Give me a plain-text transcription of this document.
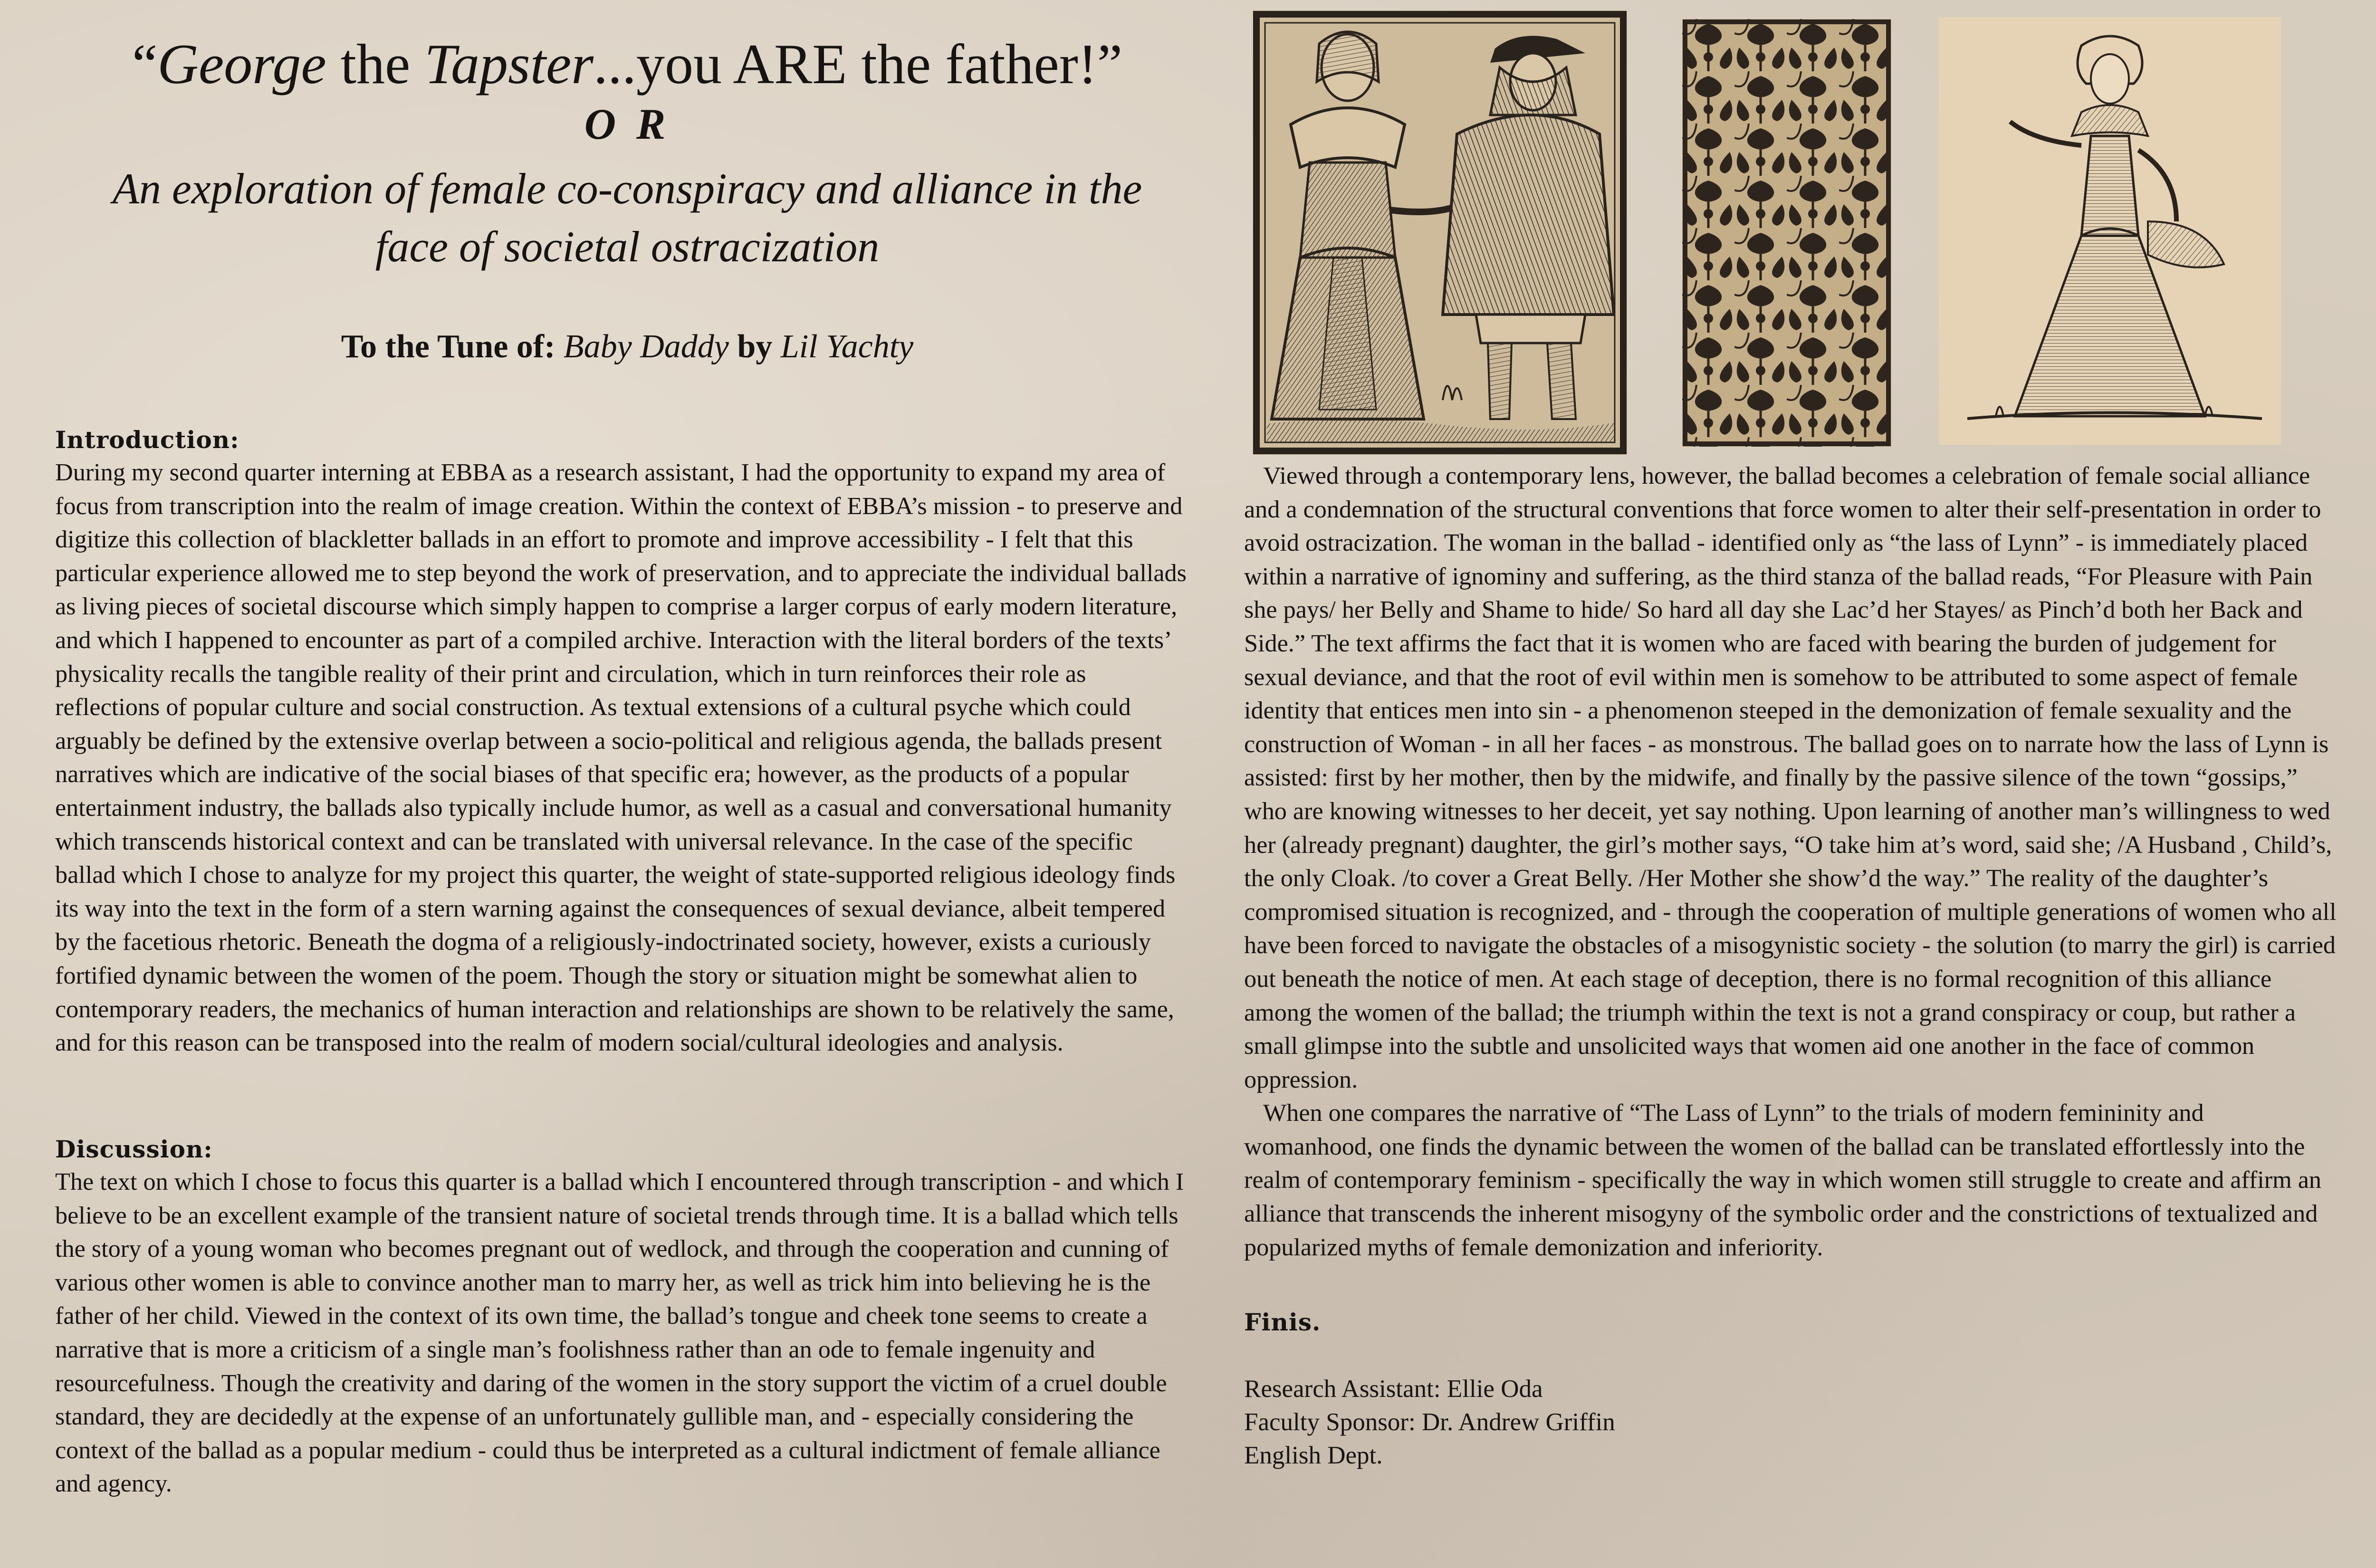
“George the Tapster...you ARE the father!”
O R
An exploration of female co-conspiracy and alliance in the face of societal ostracization
To the Tune of: Baby Daddy by Lil Yachty
Introduction:
During my second quarter interning at EBBA as a research assistant, I had the opportunity to expand my area of focus from transcription into the realm of image creation. Within the context of EBBA’s mission - to preserve and digitize this collection of blackletter ballads in an effort to promote and improve accessibility - I felt that this particular experience allowed me to step beyond the work of preservation, and to appreciate the individual ballads as living pieces of societal discourse which simply happen to comprise a larger corpus of early modern literature, and which I happened to encounter as part of a compiled archive. Interaction with the literal borders of the texts’ physicality recalls the tangible reality of their print and circulation, which in turn reinforces their role as reflections of popular culture and social construction. As textual extensions of a cultural psyche which could arguably be defined by the extensive overlap between a socio-political and religious agenda, the ballads present narratives which are indicative of the social biases of that specific era; however, as the products of a popular entertainment industry, the ballads also typically include humor, as well as a casual and conversational humanity which transcends historical context and can be translated with universal relevance. In the case of the specific ballad which I chose to analyze for my project this quarter, the weight of state-supported religious ideology finds its way into the text in the form of a stern warning against the consequences of sexual deviance, albeit tempered by the facetious rhetoric. Beneath the dogma of a religiously-indoctrinated society, however, exists a curiously fortified dynamic between the women of the poem. Though the story or situation might be somewhat alien to contemporary readers, the mechanics of human interaction and relationships are shown to be relatively the same, and for this reason can be transposed into the realm of modern social/cultural ideologies and analysis.
Discussion:
The text on which I chose to focus this quarter is a ballad which I encountered through transcription - and which I believe to be an excellent example of the transient nature of societal trends through time. It is a ballad which tells the story of a young woman who becomes pregnant out of wedlock, and through the cooperation and cunning of various other women is able to convince another man to marry her, as well as trick him into believing he is the father of her child. Viewed in the context of its own time, the ballad’s tongue and cheek tone seems to create a narrative that is more a criticism of a single man’s foolishness rather than an ode to female ingenuity and resourcefulness. Though the creativity and daring of the women in the story support the victim of a cruel double standard, they are decidedly at the expense of an unfortunately gullible man, and - especially considering the context of the ballad as a popular medium - could thus be interpreted as a cultural indictment of female alliance and agency.
Viewed through a contemporary lens, however, the ballad becomes a celebration of female social alliance and a condemnation of the structural conventions that force women to alter their self-presentation in order to avoid ostracization. The woman in the ballad - identified only as “the lass of Lynn” - is immediately placed within a narrative of ignominy and suffering, as the third stanza of the ballad reads, “For Pleasure with Pain she pays/ her Belly and Shame to hide/ So hard all day she Lac’d her Stayes/ as Pinch’d both her Back and Side.” The text affirms the fact that it is women who are faced with bearing the burden of judgement for sexual deviance, and that the root of evil within men is somehow to be attributed to some aspect of female identity that entices men into sin - a phenomenon steeped in the demonization of female sexuality and the construction of Woman - in all her faces - as monstrous. The ballad goes on to narrate how the lass of Lynn is assisted: first by her mother, then by the midwife, and finally by the passive silence of the town “gossips,” who are knowing witnesses to her deceit, yet say nothing. Upon learning of another man’s willingness to wed her (already pregnant) daughter, the girl’s mother says, “O take him at’s word, said she; /A Husband , Child’s, the only Cloak. /to cover a Great Belly. /Her Mother she show’d the way.” The reality of the daughter’s compromised situation is recognized, and - through the cooperation of multiple generations of women who all have been forced to navigate the obstacles of a misogynistic society - the solution (to marry the girl) is carried out beneath the notice of men. At each stage of deception, there is no formal recognition of this alliance among the women of the ballad; the triumph within the text is not a grand conspiracy or coup, but rather a small glimpse into the subtle and unsolicited ways that women aid one another in the face of common oppression.
When one compares the narrative of “The Lass of Lynn” to the trials of modern femininity and womanhood, one finds the dynamic between the women of the ballad can be translated effortlessly into the realm of contemporary feminism - specifically the way in which women still struggle to create and affirm an alliance that transcends the inherent misogyny of the symbolic order and the constrictions of textualized and popularized myths of female demonization and inferiority.
Finis.
Research Assistant: Ellie Oda
Faculty Sponsor: Dr. Andrew Griffin
English Dept.
